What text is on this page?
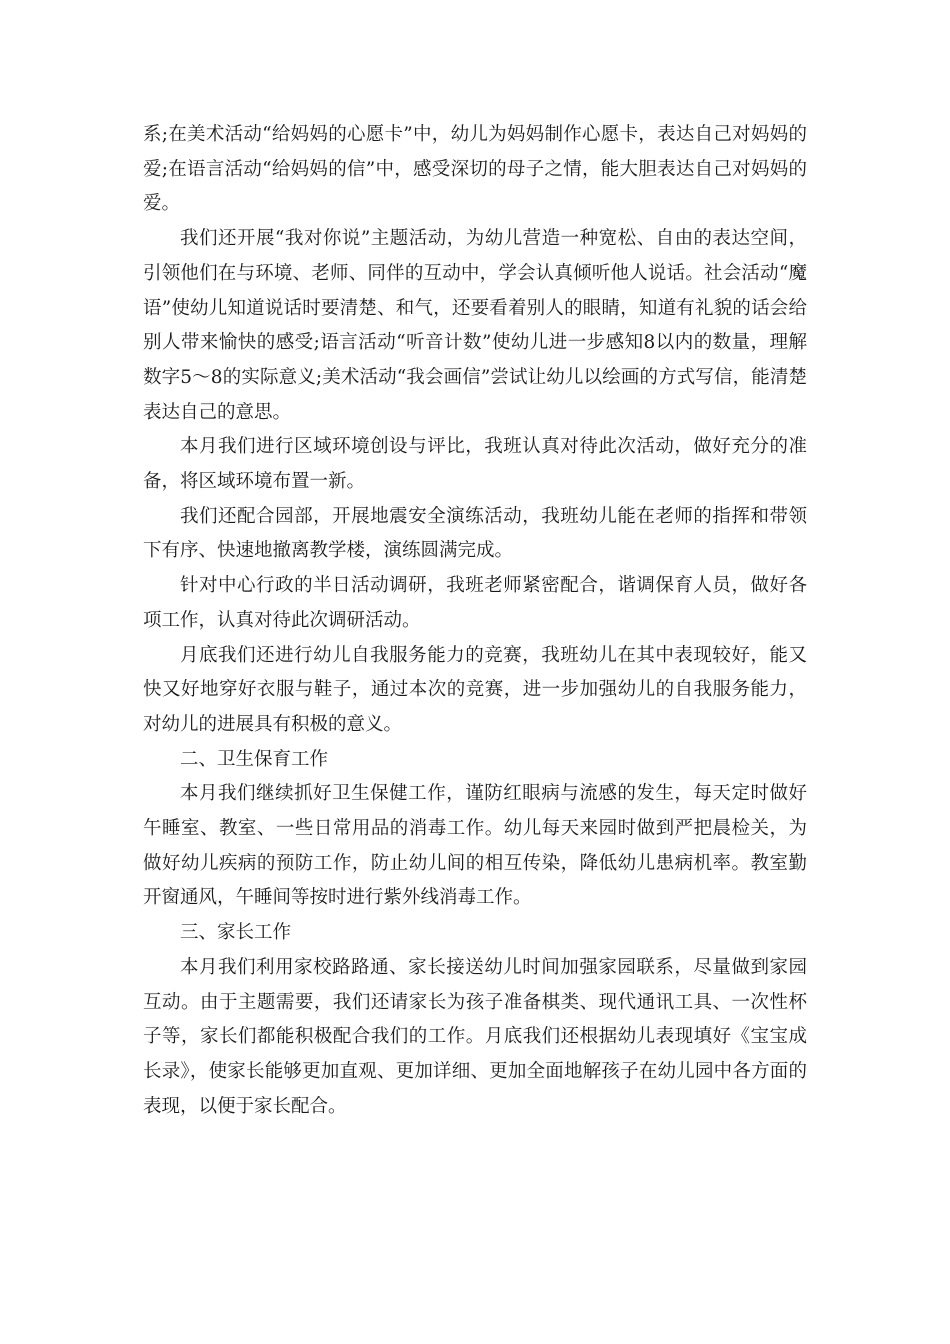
系;在美术活动“给妈妈的心愿卡”中，幼儿为妈妈制作心愿卡，表达自己对妈妈的爱;在语言活动“给妈妈的信”中，感受深切的母子之情，能大胆表达自己对妈妈的爱。

我们还开展“我对你说”主题活动，为幼儿营造一种宽松、自由的表达空间，引领他们在与环境、老师、同伴的互动中，学会认真倾听他人说话。社会活动“魔语”使幼儿知道说话时要清楚、和气，还要看着别人的眼睛，知道有礼貌的话会给别人带来愉快的感受;语言活动“听音计数”使幼儿进一步感知8以内的数量，理解数字5～8的实际意义;美术活动“我会画信”尝试让幼儿以绘画的方式写信，能清楚表达自己的意思。

本月我们进行区域环境创设与评比，我班认真对待此次活动，做好充分的准备，将区域环境布置一新。

我们还配合园部，开展地震安全演练活动，我班幼儿能在老师的指挥和带领下有序、快速地撤离教学楼，演练圆满完成。

针对中心行政的半日活动调研，我班老师紧密配合，谐调保育人员，做好各项工作，认真对待此次调研活动。

月底我们还进行幼儿自我服务能力的竞赛，我班幼儿在其中表现较好，能又快又好地穿好衣服与鞋子，通过本次的竞赛，进一步加强幼儿的自我服务能力，对幼儿的进展具有积极的意义。

二、卫生保育工作

本月我们继续抓好卫生保健工作，谨防红眼病与流感的发生，每天定时做好午睡室、教室、一些日常用品的消毒工作。幼儿每天来园时做到严把晨检关，为做好幼儿疾病的预防工作，防止幼儿间的相互传染，降低幼儿患病机率。教室勤开窗通风，午睡间等按时进行紫外线消毒工作。

三、家长工作

本月我们利用家校路路通、家长接送幼儿时间加强家园联系，尽量做到家园互动。由于主题需要，我们还请家长为孩子准备棋类、现代通讯工具、一次性杯子等，家长们都能积极配合我们的工作。月底我们还根据幼儿表现填好《宝宝成长录》，使家长能够更加直观、更加详细、更加全面地解孩子在幼儿园中各方面的表现，以便于家长配合。
